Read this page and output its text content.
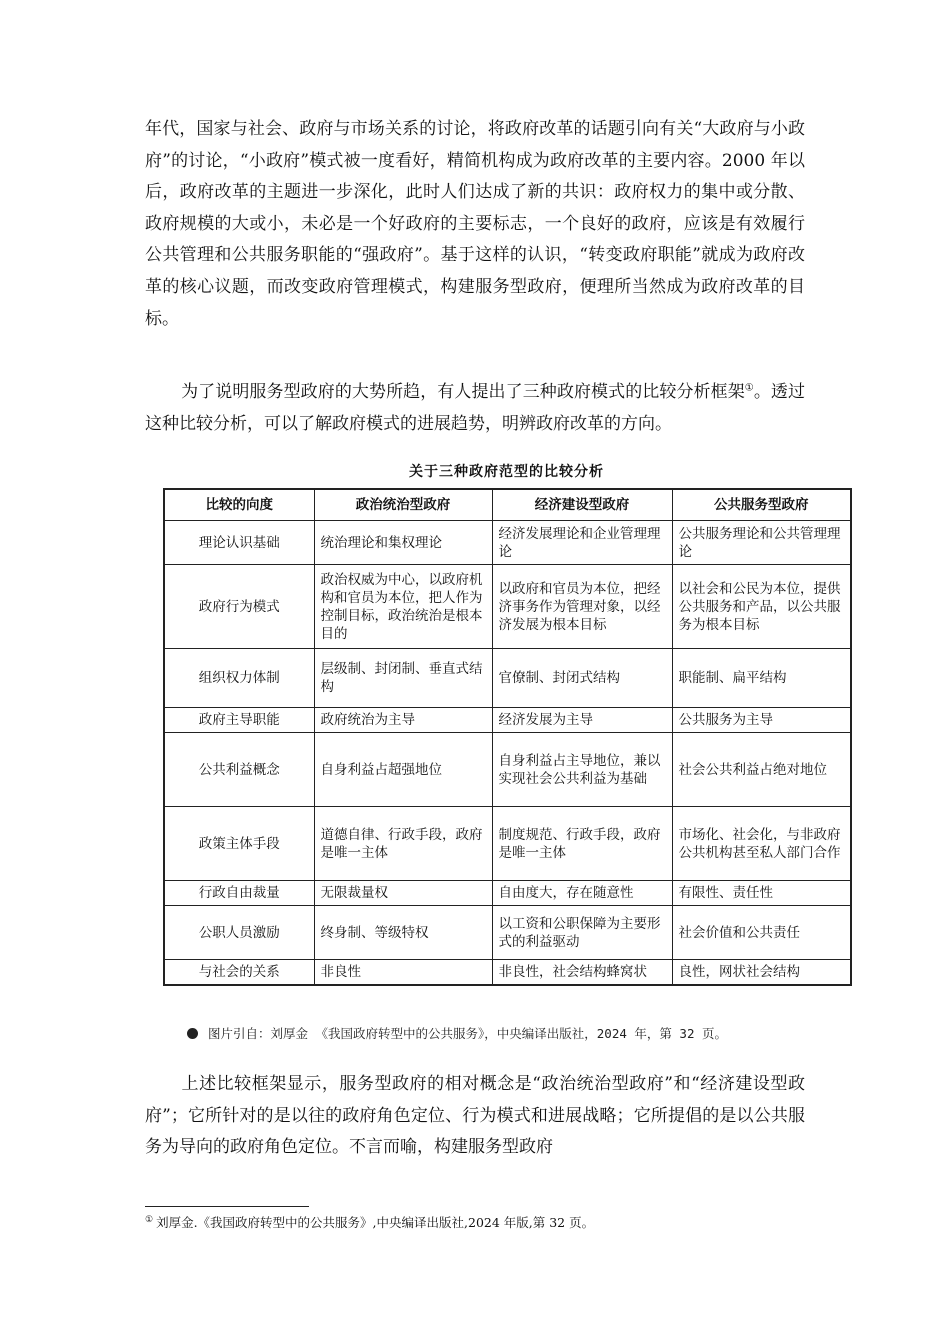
年代，国家与社会、政府与市场关系的讨论，将政府改革的话题引向有关“大政府与小政府”的讨论，“小政府”模式被一度看好，精简机构成为政府改革的主要内容。2000 年以后，政府改革的主题进一步深化，此时人们达成了新的共识：政府权力的集中或分散、政府规模的大或小，未必是一个好政府的主要标志，一个良好的政府，应该是有效履行公共管理和公共服务职能的“强政府”。基于这样的认识，“转变政府职能”就成为政府改革的核心议题，而改变政府管理模式，构建服务型政府，便理所当然成为政府改革的目标。

为了说明服务型政府的大势所趋，有人提出了三种政府模式的比较分析框架①。透过这种比较分析，可以了解政府模式的进展趋势，明辨政府改革的方向。

关于三种政府范型的比较分析
比较的向度	政治统治型政府	经济建设型政府	公共服务型政府
理论认识基础	统治理论和集权理论	经济发展理论和企业管理理论	公共服务理论和公共管理理论
政府行为模式	政治权威为中心，以政府机构和官员为本位，把人作为控制目标，政治统治是根本目的	以政府和官员为本位，把经济事务作为管理对象，以经济发展为根本目标	以社会和公民为本位，提供公共服务和产品，以公共服务为根本目标
组织权力体制	层级制、封闭制、垂直式结构	官僚制、封闭式结构	职能制、扁平结构
政府主导职能	政府统治为主导	经济发展为主导	公共服务为主导
公共利益概念	自身利益占超强地位	自身利益占主导地位，兼以实现社会公共利益为基础	社会公共利益占绝对地位
政策主体手段	道德自律、行政手段，政府是唯一主体	制度规范、行政手段，政府是唯一主体	市场化、社会化，与非政府公共机构甚至私人部门合作
行政自由裁量	无限裁量权	自由度大，存在随意性	有限性、责任性
公职人员激励	终身制、等级特权	以工资和公职保障为主要形式的利益驱动	社会价值和公共责任
与社会的关系	非良性	非良性，社会结构蜂窝状	良性，网状社会结构
图片引自：刘厚金 《我国政府转型中的公共服务》，中央编译出版社，2024 年，第 32 页。

上述比较框架显示，服务型政府的相对概念是“政治统治型政府”和“经济建设型政府”；它所针对的是以往的政府角色定位、行为模式和进展战略；它所提倡的是以公共服务为导向的政府角色定位。不言而喻，构建服务型政府

① 刘厚金.《我国政府转型中的公共服务》,中央编译出版社,2024 年版,第 32 页。
